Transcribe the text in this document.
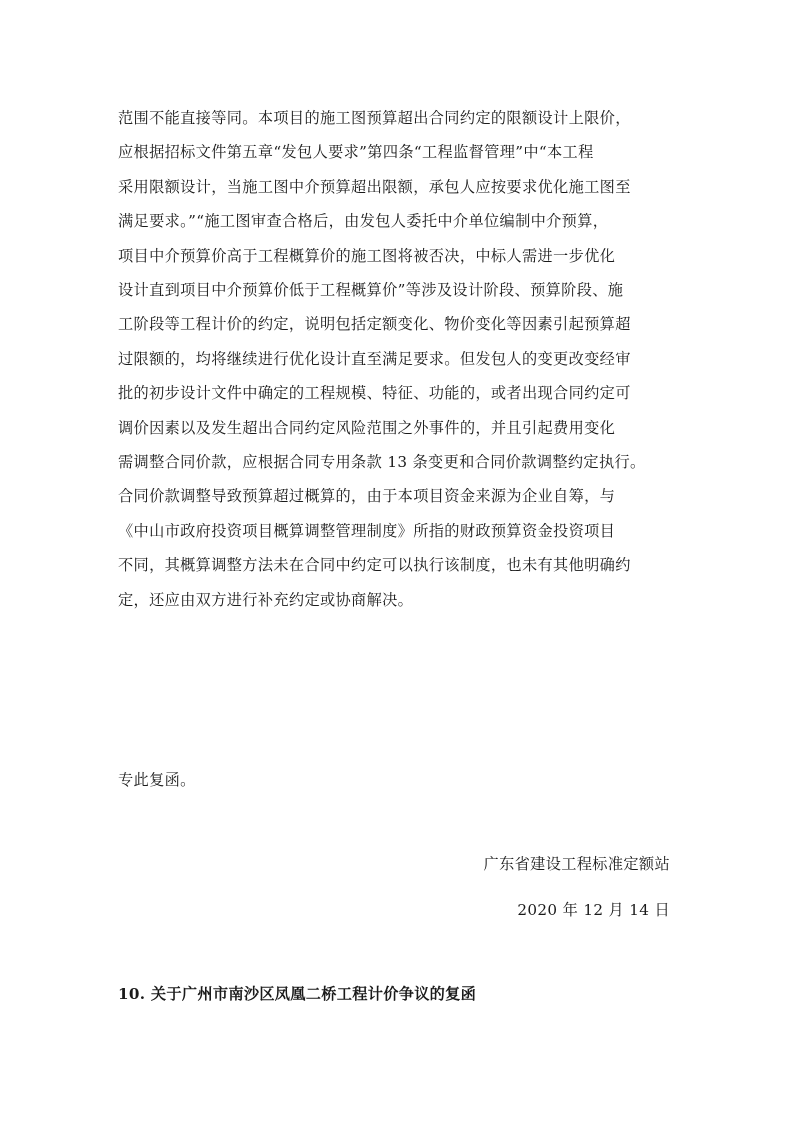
范围不能直接等同。本项目的施工图预算超出合同约定的限额设计上限价，
应根据招标文件第五章“发包人要求”第四条“工程监督管理”中“本工程
采用限额设计，当施工图中介预算超出限额，承包人应按要求优化施工图至
满足要求。”“施工图审查合格后，由发包人委托中介单位编制中介预算，
项目中介预算价高于工程概算价的施工图将被否决，中标人需进一步优化
设计直到项目中介预算价低于工程概算价”等涉及设计阶段、预算阶段、施
工阶段等工程计价的约定，说明包括定额变化、物价变化等因素引起预算超
过限额的，均将继续进行优化设计直至满足要求。但发包人的变更改变经审
批的初步设计文件中确定的工程规模、特征、功能的，或者出现合同约定可
调价因素以及发生超出合同约定风险范围之外事件的，并且引起费用变化
需调整合同价款，应根据合同专用条款 13 条变更和合同价款调整约定执行。
合同价款调整导致预算超过概算的，由于本项目资金来源为企业自筹，与
《中山市政府投资项目概算调整管理制度》所指的财政预算资金投资项目
不同，其概算调整方法未在合同中约定可以执行该制度，也未有其他明确约
定，还应由双方进行补充约定或协商解决。
专此复函。
广东省建设工程标准定额站
2020 年 12 月 14 日
10. 关于广州市南沙区凤凰二桥工程计价争议的复函
